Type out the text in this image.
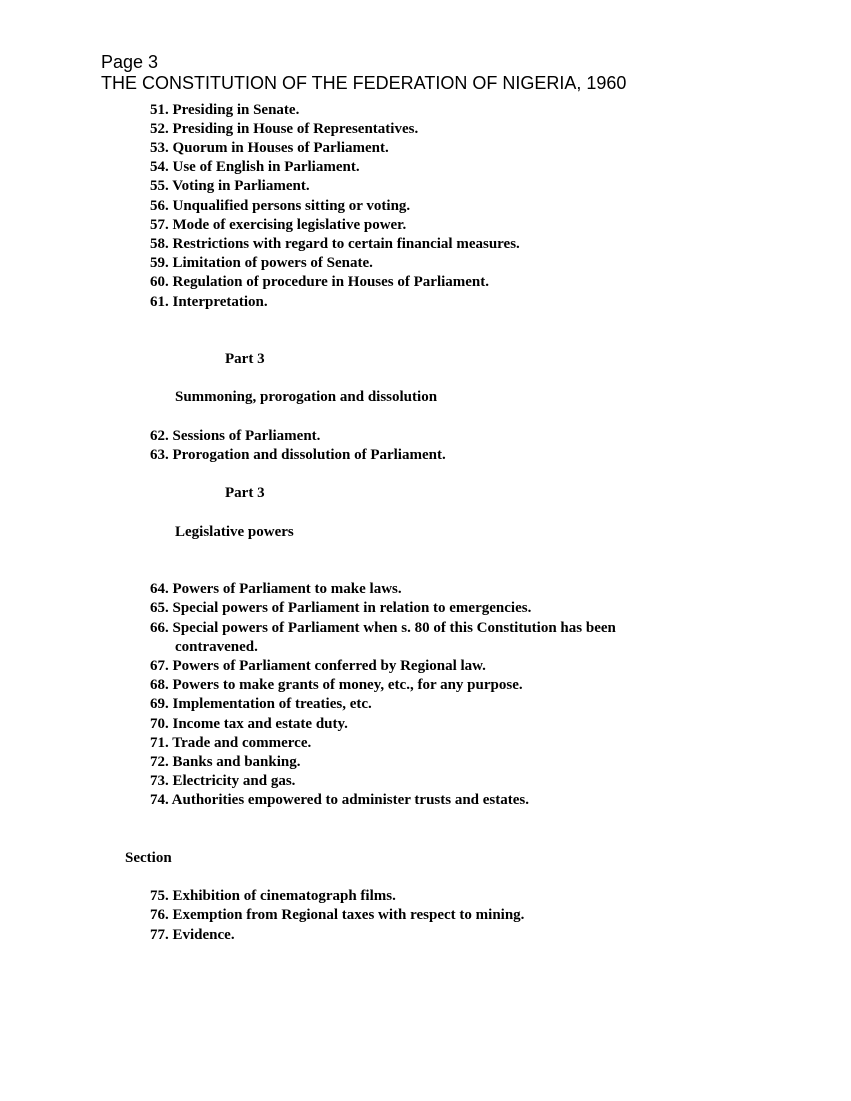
Page 3
THE CONSTITUTION OF THE FEDERATION OF NIGERIA, 1960
51. Presiding in Senate.
52. Presiding in House of Representatives.
53. Quorum in Houses of Parliament.
54. Use of English in Parliament.
55. Voting in Parliament.
56. Unqualified persons sitting or voting.
57. Mode of exercising legislative power.
58. Restrictions with regard to certain financial measures.
59. Limitation of powers of Senate.
60. Regulation of procedure in Houses of Parliament.
61. Interpretation.
Part 3
Summoning, prorogation and dissolution
62. Sessions of Parliament.
63. Prorogation and dissolution of Parliament.
Part 3
Legislative powers
64. Powers of Parliament to make laws.
65. Special powers of Parliament in relation to emergencies.
66. Special powers of Parliament when s. 80 of this Constitution has been
contravened.
67. Powers of Parliament conferred by Regional law.
68. Powers to make grants of money, etc., for any purpose.
69. Implementation of treaties, etc.
70. Income tax and estate duty.
71. Trade and commerce.
72. Banks and banking.
73. Electricity and gas.
74. Authorities empowered to administer trusts and estates.
Section
75. Exhibition of cinematograph films.
76. Exemption from Regional taxes with respect to mining.
77. Evidence.
